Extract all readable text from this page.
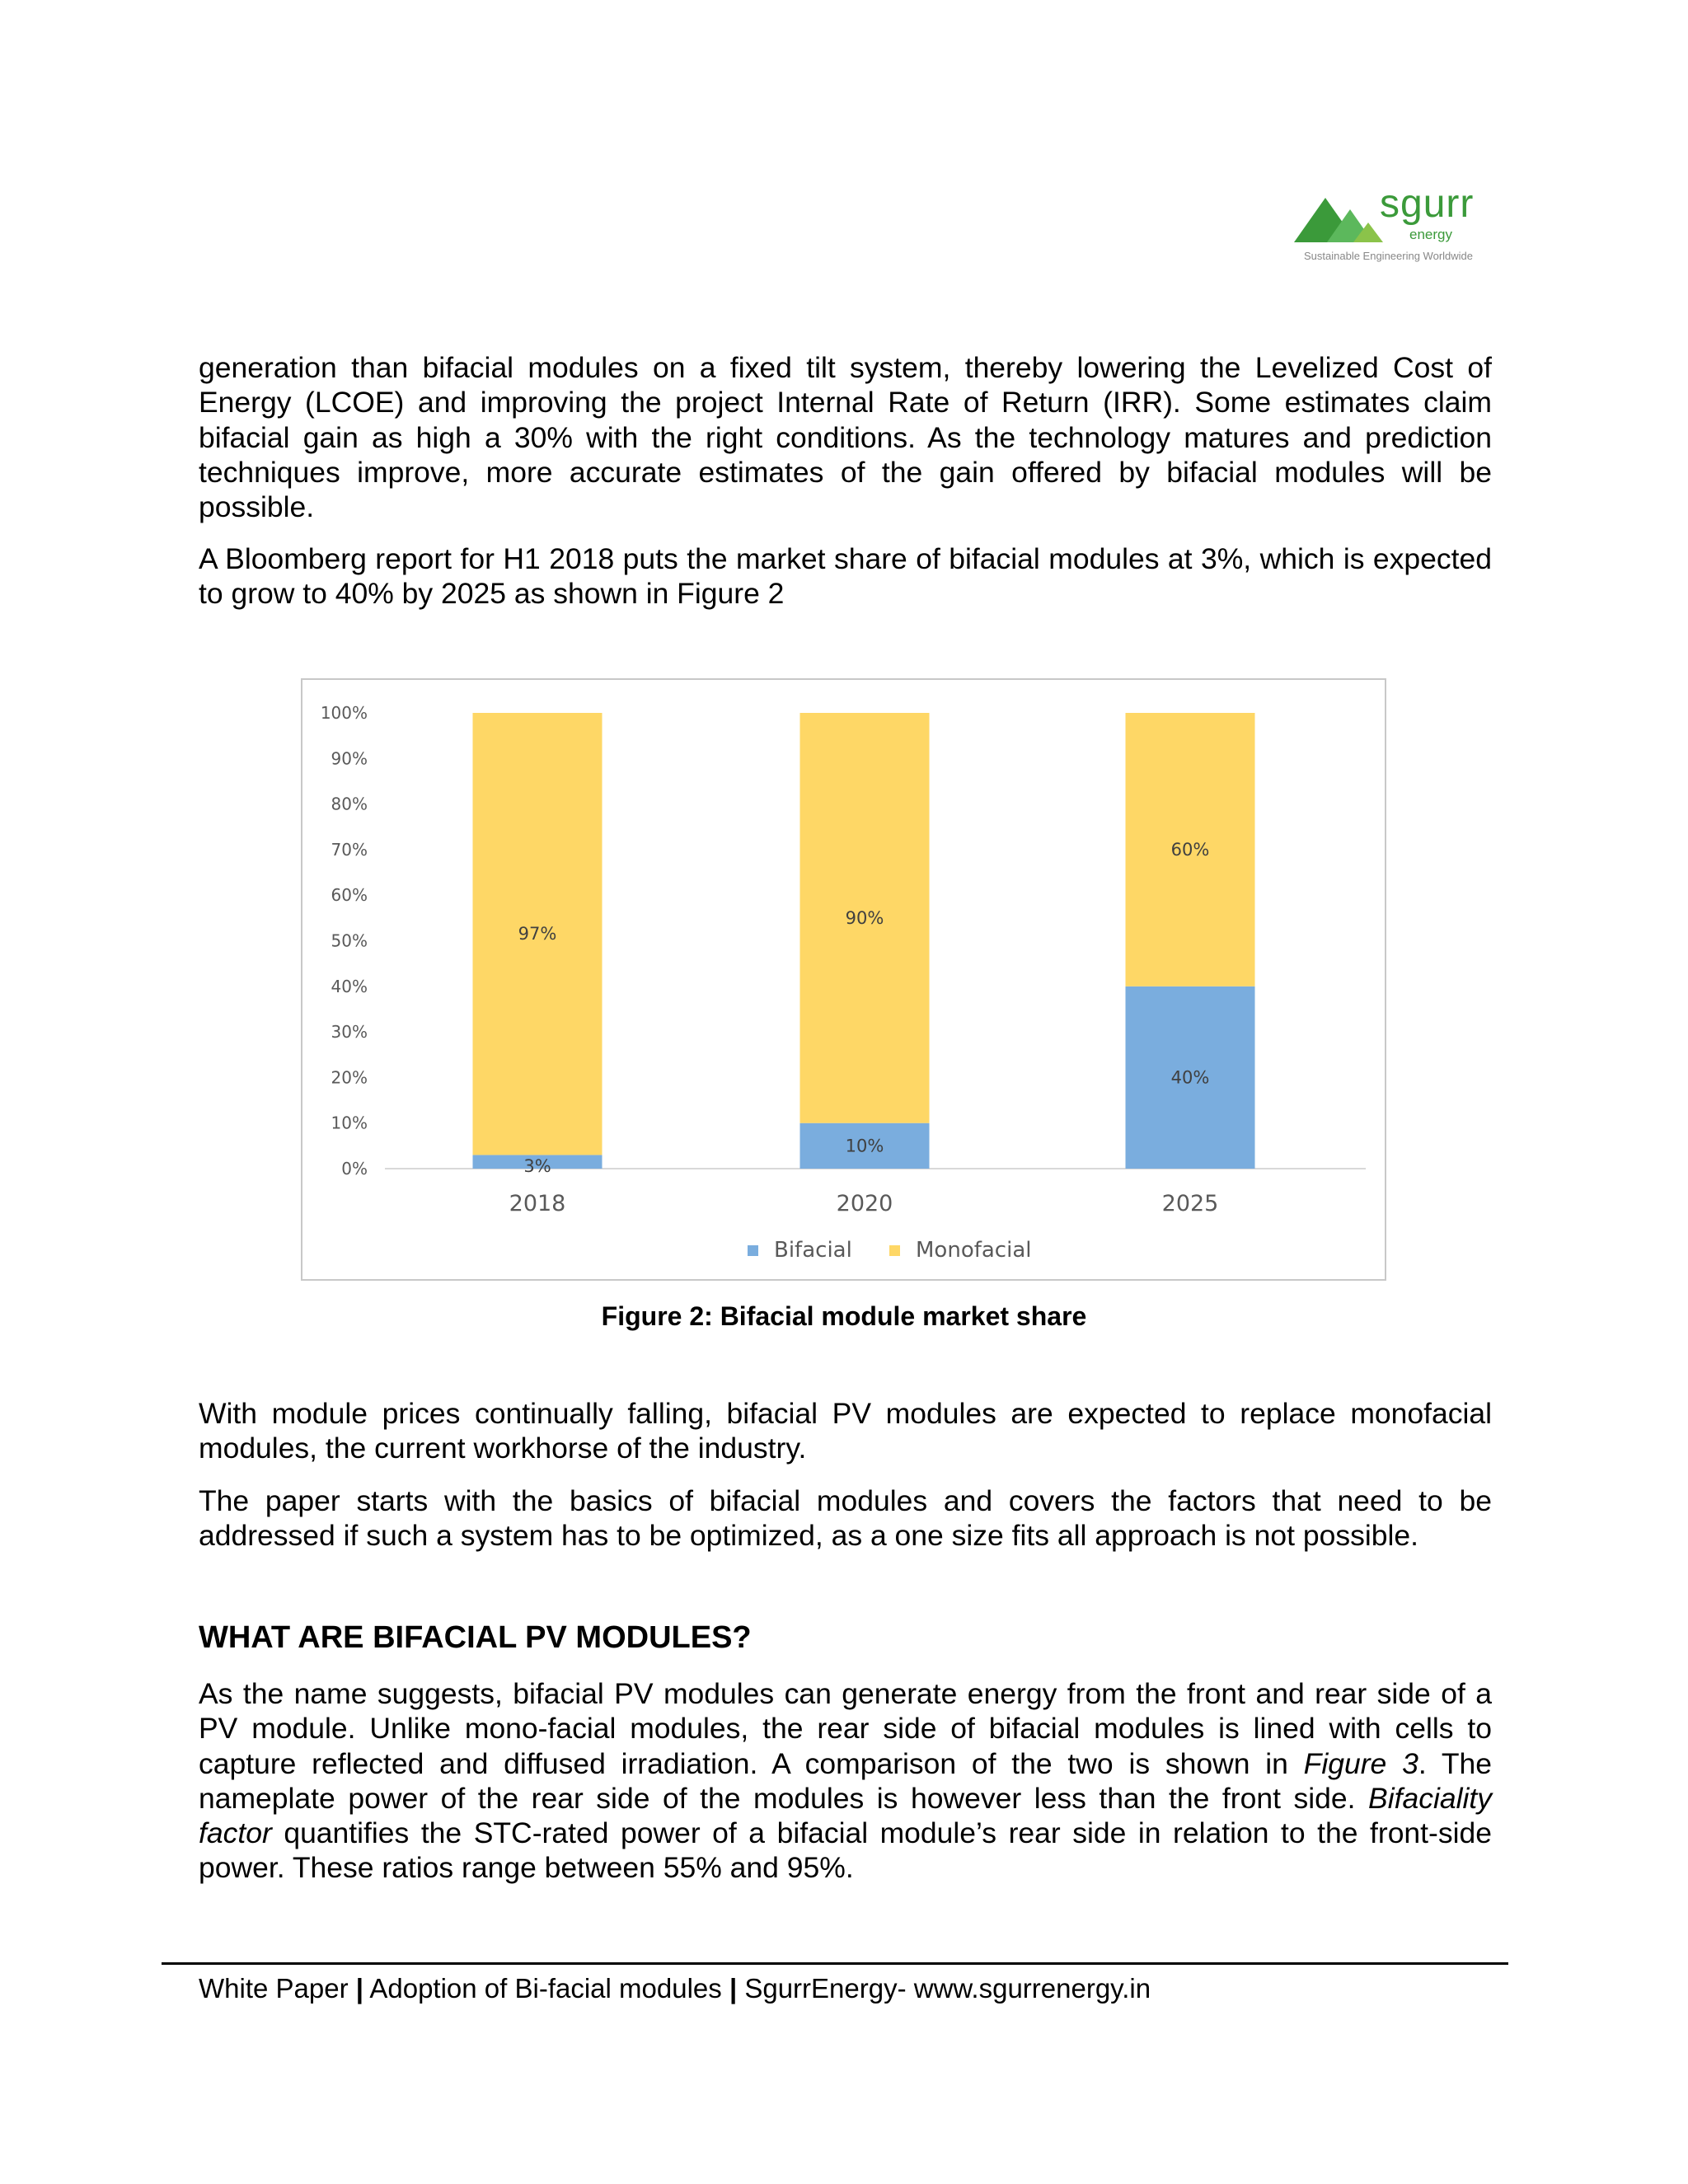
sgurr
energy
Sustainable Engineering Worldwide

generation than bifacial modules on a fixed tilt system, thereby lowering the Levelized Cost of Energy (LCOE) and improving the project Internal Rate of Return (IRR). Some estimates claim bifacial gain as high a 30% with the right conditions. As the technology matures and prediction techniques improve, more accurate estimates of the gain offered by bifacial modules will be possible.

A Bloomberg report for H1 2018 puts the market share of bifacial modules at 3%, which is expected to grow to 40% by 2025 as shown in Figure 2

0%
10%
20%
30%
40%
50%
60%
70%
80%
90%
100%
3%
97%
2018
10%
90%
2020
40%
60%
2025
Bifacial	Monofacial
Figure 2: Bifacial module market share

With module prices continually falling, bifacial PV modules are expected to replace monofacial modules, the current workhorse of the industry.

The paper starts with the basics of bifacial modules and covers the factors that need to be addressed if such a system has to be optimized, as a one size fits all approach is not possible.

WHAT ARE BIFACIAL PV MODULES?

As the name suggests, bifacial PV modules can generate energy from the front and rear side of a PV module. Unlike mono-facial modules, the rear side of bifacial modules is lined with cells to capture reflected and diffused irradiation. A comparison of the two is shown in Figure 3. The nameplate power of the rear side of the modules is however less than the front side. Bifaciality factor quantifies the STC-rated power of a bifacial module’s rear side in relation to the front-side power. These ratios range between 55% and 95%.

White Paper | Adoption of Bi-facial modules | SgurrEnergy- www.sgurrenergy.in
